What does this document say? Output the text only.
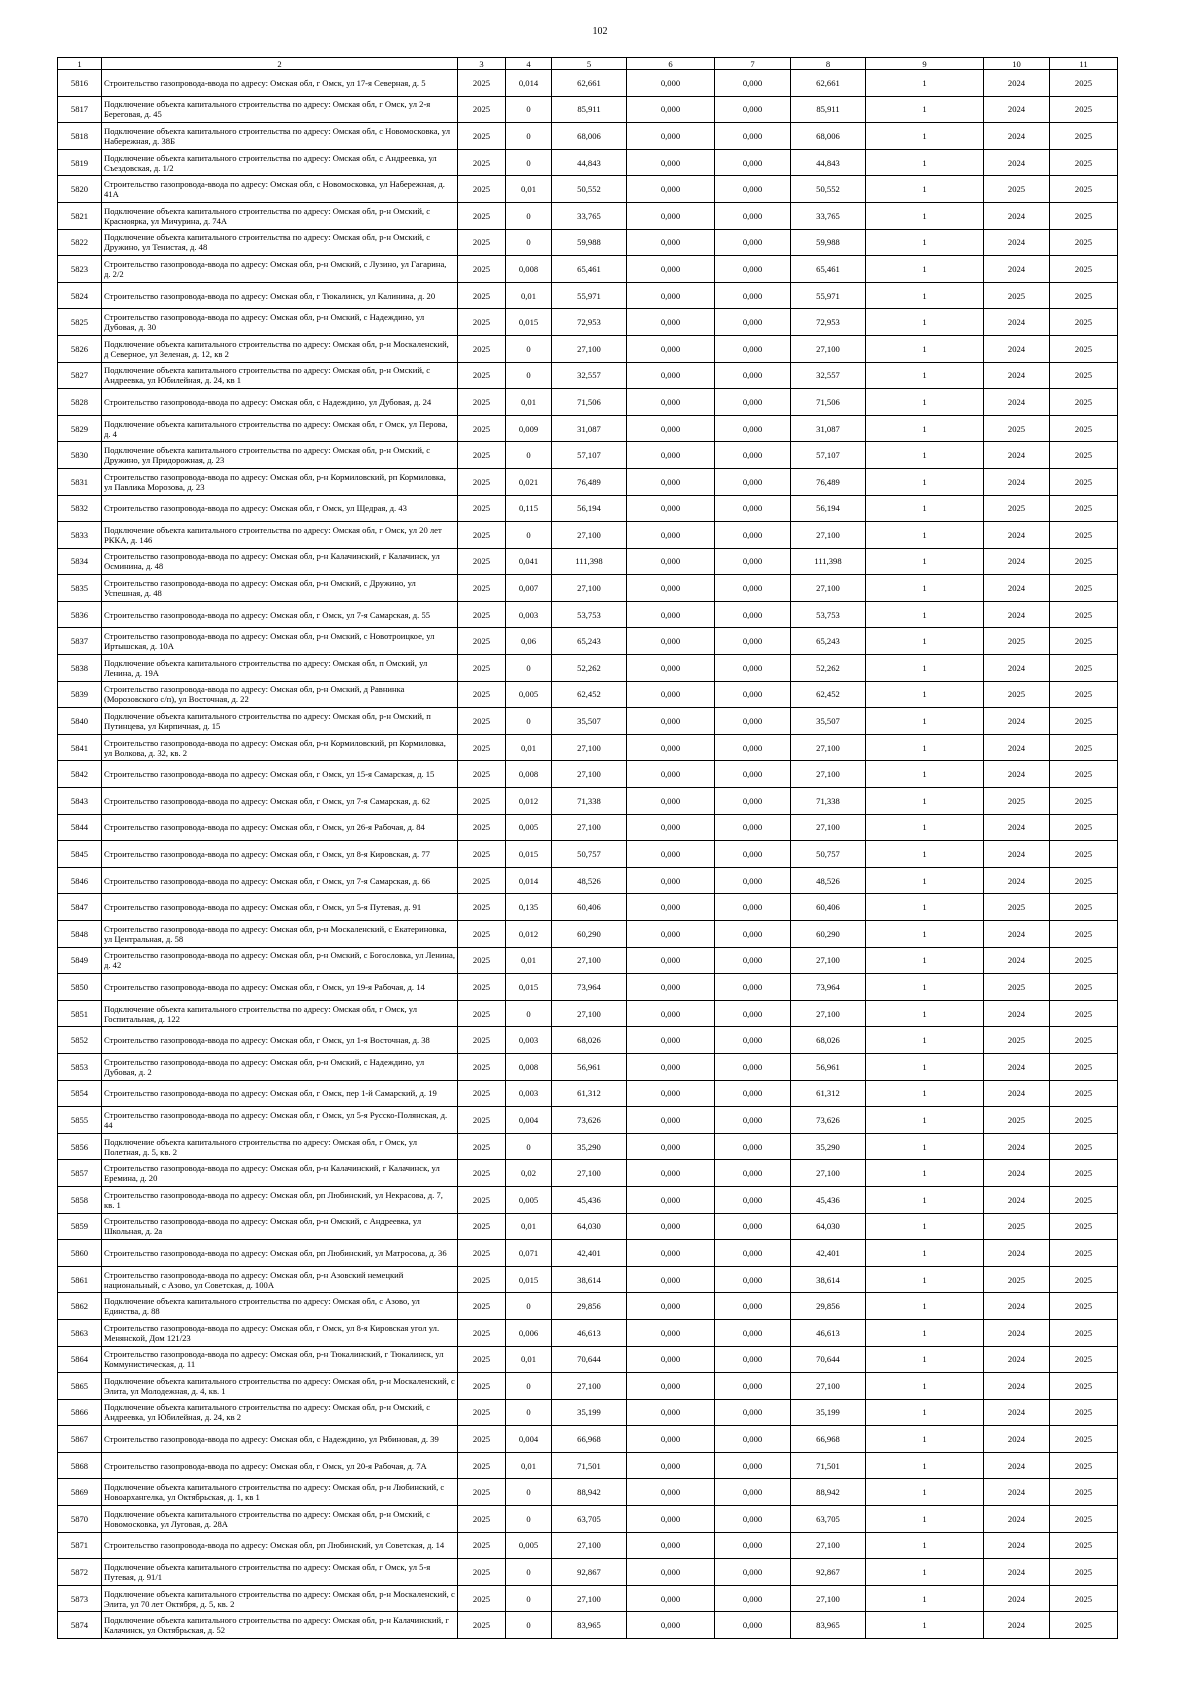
102
1	2	3	4	5	6	7	8	9	10	11
5816	Строительство газопровода-ввода по адресу: Омская обл, г Омск, ул 17-я Северная, д. 5	2025	0,014	62,661	0,000	0,000	62,661	1	2024	2025
5817	Подключение объекта капитального строительства по адресу: Омская обл, г Омск, ул 2-я Береговая, д. 45	2025	0	85,911	0,000	0,000	85,911	1	2024	2025
5818	Подключение объекта капитального строительства по адресу: Омская обл, с Новомосковка, ул Набережная, д. 38Б	2025	0	68,006	0,000	0,000	68,006	1	2024	2025
5819	Подключение объекта капитального строительства по адресу: Омская обл, с Андреевка, ул Съездовская, д. 1/2	2025	0	44,843	0,000	0,000	44,843	1	2024	2025
5820	Строительство газопровода-ввода по адресу: Омская обл, с Новомосковка, ул Набережная, д. 41А	2025	0,01	50,552	0,000	0,000	50,552	1	2025	2025
5821	Подключение объекта капитального строительства по адресу: Омская обл, р-н Омский, с Красноярка, ул Мичурина, д. 74А	2025	0	33,765	0,000	0,000	33,765	1	2024	2025
5822	Подключение объекта капитального строительства по адресу: Омская обл, р-н Омский, с Дружино, ул Тенистая, д. 48	2025	0	59,988	0,000	0,000	59,988	1	2024	2025
5823	Строительство газопровода-ввода по адресу: Омская обл, р-н Омский, с Лузино, ул Гагарина, д. 2/2	2025	0,008	65,461	0,000	0,000	65,461	1	2024	2025
5824	Строительство газопровода-ввода по адресу: Омская обл, г Тюкалинск, ул Калинина, д. 20	2025	0,01	55,971	0,000	0,000	55,971	1	2025	2025
5825	Строительство газопровода-ввода по адресу: Омская обл, р-н Омский, с Надеждино, ул Дубовая, д. 30	2025	0,015	72,953	0,000	0,000	72,953	1	2024	2025
5826	Подключение объекта капитального строительства по адресу: Омская обл, р-н Москаленский, д Северное, ул Зеленая, д. 12, кв 2	2025	0	27,100	0,000	0,000	27,100	1	2024	2025
5827	Подключение объекта капитального строительства по адресу: Омская обл, р-н Омский, с Андреевка, ул Юбилейная, д. 24, кв 1	2025	0	32,557	0,000	0,000	32,557	1	2024	2025
5828	Строительство газопровода-ввода по адресу: Омская обл, с Надеждино, ул Дубовая, д. 24	2025	0,01	71,506	0,000	0,000	71,506	1	2024	2025
5829	Подключение объекта капитального строительства по адресу: Омская обл, г Омск, ул Перова, д. 4	2025	0,009	31,087	0,000	0,000	31,087	1	2025	2025
5830	Подключение объекта капитального строительства по адресу: Омская обл, р-н Омский, с Дружино, ул Придорожная, д. 23	2025	0	57,107	0,000	0,000	57,107	1	2024	2025
5831	Строительство газопровода-ввода по адресу: Омская обл, р-н Кормиловский, рп Кормиловка, ул Павлика Морозова, д. 23	2025	0,021	76,489	0,000	0,000	76,489	1	2024	2025
5832	Строительство газопровода-ввода по адресу: Омская обл, г Омск, ул Щедрая, д. 43	2025	0,115	56,194	0,000	0,000	56,194	1	2025	2025
5833	Подключение объекта капитального строительства по адресу: Омская обл, г Омск, ул 20 лет РККА, д. 146	2025	0	27,100	0,000	0,000	27,100	1	2024	2025
5834	Строительство газопровода-ввода по адресу: Омская обл, р-н Калачинский, г Калачинск, ул Осминина, д. 48	2025	0,041	111,398	0,000	0,000	111,398	1	2024	2025
5835	Строительство газопровода-ввода по адресу: Омская обл, р-н Омский, с Дружино, ул Успешная, д. 48	2025	0,007	27,100	0,000	0,000	27,100	1	2024	2025
5836	Строительство газопровода-ввода по адресу: Омская обл, г Омск, ул 7-я Самарская, д. 55	2025	0,003	53,753	0,000	0,000	53,753	1	2024	2025
5837	Строительство газопровода-ввода по адресу: Омская обл, р-н Омский, с Новотроицкое, ул Иртышская, д. 10А	2025	0,06	65,243	0,000	0,000	65,243	1	2025	2025
5838	Подключение объекта капитального строительства по адресу: Омская обл, п Омский, ул Ленина, д. 19А	2025	0	52,262	0,000	0,000	52,262	1	2024	2025
5839	Строительство газопровода-ввода по адресу: Омская обл, р-н Омский, д Равнинка (Морозовского с/п), ул Восточная, д. 22	2025	0,005	62,452	0,000	0,000	62,452	1	2025	2025
5840	Подключение объекта капитального строительства по адресу: Омская обл, р-н Омский, п Путинцева, ул Кирпичная, д. 15	2025	0	35,507	0,000	0,000	35,507	1	2024	2025
5841	Строительство газопровода-ввода по адресу: Омская обл, р-н Кормиловский, рп Кормиловка, ул Волкова, д. 32, кв. 2	2025	0,01	27,100	0,000	0,000	27,100	1	2024	2025
5842	Строительство газопровода-ввода по адресу: Омская обл, г Омск, ул 15-я Самарская, д. 15	2025	0,008	27,100	0,000	0,000	27,100	1	2024	2025
5843	Строительство газопровода-ввода по адресу: Омская обл, г Омск, ул 7-я Самарская, д. 62	2025	0,012	71,338	0,000	0,000	71,338	1	2025	2025
5844	Строительство газопровода-ввода по адресу: Омская обл, г Омск, ул 26-я Рабочая, д. 84	2025	0,005	27,100	0,000	0,000	27,100	1	2024	2025
5845	Строительство газопровода-ввода по адресу: Омская обл, г Омск, ул 8-я Кировская, д. 77	2025	0,015	50,757	0,000	0,000	50,757	1	2024	2025
5846	Строительство газопровода-ввода по адресу: Омская обл, г Омск, ул 7-я Самарская, д. 66	2025	0,014	48,526	0,000	0,000	48,526	1	2024	2025
5847	Строительство газопровода-ввода по адресу: Омская обл, г Омск, ул 5-я Путевая, д. 91	2025	0,135	60,406	0,000	0,000	60,406	1	2025	2025
5848	Строительство газопровода-ввода по адресу: Омская обл, р-н Москаленский, с Екатериновка, ул Центральная, д. 58	2025	0,012	60,290	0,000	0,000	60,290	1	2024	2025
5849	Строительство газопровода-ввода по адресу: Омская обл, р-н Омский, с Богословка, ул Ленина, д. 42	2025	0,01	27,100	0,000	0,000	27,100	1	2024	2025
5850	Строительство газопровода-ввода по адресу: Омская обл, г Омск, ул 19-я Рабочая, д. 14	2025	0,015	73,964	0,000	0,000	73,964	1	2025	2025
5851	Подключение объекта капитального строительства по адресу: Омская обл, г Омск, ул Госпитальная, д. 122	2025	0	27,100	0,000	0,000	27,100	1	2024	2025
5852	Строительство газопровода-ввода по адресу: Омская обл, г Омск, ул 1-я Восточная, д. 38	2025	0,003	68,026	0,000	0,000	68,026	1	2025	2025
5853	Строительство газопровода-ввода по адресу: Омская обл, р-н Омский, с Надеждино, ул Дубовая, д. 2	2025	0,008	56,961	0,000	0,000	56,961	1	2024	2025
5854	Строительство газопровода-ввода по адресу: Омская обл, г Омск, пер 1-й Самарский, д. 19	2025	0,003	61,312	0,000	0,000	61,312	1	2024	2025
5855	Строительство газопровода-ввода по адресу: Омская обл, г Омск, ул 5-я Русско-Полянская, д. 44	2025	0,004	73,626	0,000	0,000	73,626	1	2025	2025
5856	Подключение объекта капитального строительства по адресу: Омская обл, г Омск, ул Полетная, д. 5, кв. 2	2025	0	35,290	0,000	0,000	35,290	1	2024	2025
5857	Строительство газопровода-ввода по адресу: Омская обл, р-н Калачинский, г Калачинск, ул Еремина, д. 20	2025	0,02	27,100	0,000	0,000	27,100	1	2024	2025
5858	Строительство газопровода-ввода по адресу: Омская обл, рп Любинский, ул Некрасова, д. 7, кв. 1	2025	0,005	45,436	0,000	0,000	45,436	1	2024	2025
5859	Строительство газопровода-ввода по адресу: Омская обл, р-н Омский, с Андреевка, ул Школьная, д. 2а	2025	0,01	64,030	0,000	0,000	64,030	1	2025	2025
5860	Строительство газопровода-ввода по адресу: Омская обл, рп Любинский, ул Матросова, д. 36	2025	0,071	42,401	0,000	0,000	42,401	1	2024	2025
5861	Строительство газопровода-ввода по адресу: Омская обл, р-н Азовский немецкий национальный, с Азово, ул Советская, д. 100А	2025	0,015	38,614	0,000	0,000	38,614	1	2025	2025
5862	Подключение объекта капитального строительства по адресу: Омская обл, с Азово, ул Единства, д. 88	2025	0	29,856	0,000	0,000	29,856	1	2024	2025
5863	Строительство газопровода-ввода по адресу: Омская обл, г Омск, ул 8-я Кировская угол ул. Менянской, Дом 121/23	2025	0,006	46,613	0,000	0,000	46,613	1	2024	2025
5864	Строительство газопровода-ввода по адресу: Омская обл, р-н Тюкалинский, г Тюкалинск, ул Коммунистическая, д. 11	2025	0,01	70,644	0,000	0,000	70,644	1	2024	2025
5865	Подключение объекта капитального строительства по адресу: Омская обл, р-н Москаленский, с Элита, ул Молодежная, д. 4, кв. 1	2025	0	27,100	0,000	0,000	27,100	1	2024	2025
5866	Подключение объекта капитального строительства по адресу: Омская обл, р-н Омский, с Андреевка, ул Юбилейная, д. 24, кв 2	2025	0	35,199	0,000	0,000	35,199	1	2024	2025
5867	Строительство газопровода-ввода по адресу: Омская обл, с Надеждино, ул Рябиновая, д. 39	2025	0,004	66,968	0,000	0,000	66,968	1	2024	2025
5868	Строительство газопровода-ввода по адресу: Омская обл, г Омск, ул 20-я Рабочая, д. 7А	2025	0,01	71,501	0,000	0,000	71,501	1	2024	2025
5869	Подключение объекта капитального строительства по адресу: Омская обл, р-н Любинский, с Новоархангелка, ул Октябрьская, д. 1, кв 1	2025	0	88,942	0,000	0,000	88,942	1	2024	2025
5870	Подключение объекта капитального строительства по адресу: Омская обл, р-н Омский, с Новомосковка, ул Луговая, д. 28А	2025	0	63,705	0,000	0,000	63,705	1	2024	2025
5871	Строительство газопровода-ввода по адресу: Омская обл, рп Любинский, ул Советская, д. 14	2025	0,005	27,100	0,000	0,000	27,100	1	2024	2025
5872	Подключение объекта капитального строительства по адресу: Омская обл, г Омск, ул 5-я Путевая, д. 91/1	2025	0	92,867	0,000	0,000	92,867	1	2024	2025
5873	Подключение объекта капитального строительства по адресу: Омская обл, р-н Москаленский, с Элита, ул 70 лет Октября, д. 5, кв. 2	2025	0	27,100	0,000	0,000	27,100	1	2024	2025
5874	Подключение объекта капитального строительства по адресу: Омская обл, р-н Калачинский, г Калачинск, ул Октябрьская, д. 52	2025	0	83,965	0,000	0,000	83,965	1	2024	2025
